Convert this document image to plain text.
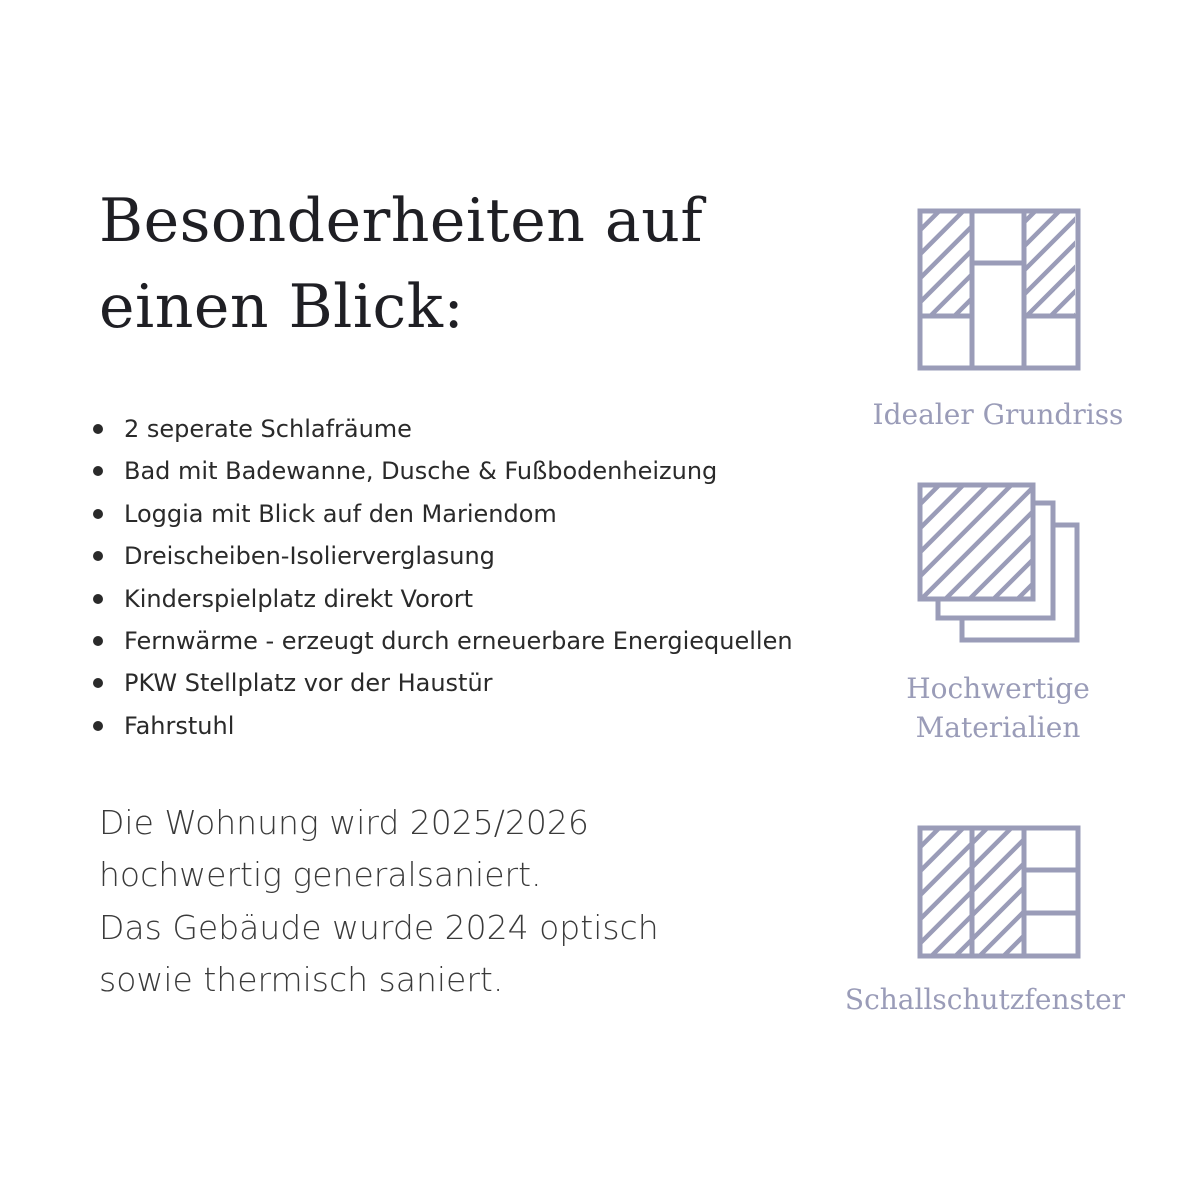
Besonderheiten auf
einen Blick:
2 seperate Schlafräume
Bad mit Badewanne, Dusche & Fußbodenheizung
Loggia mit Blick auf den Mariendom
Dreischeiben-Isolierverglasung
Kinderspielplatz direkt Vorort
Fernwärme - erzeugt durch erneuerbare Energiequellen
PKW Stellplatz vor der Haustür
Fahrstuhl
Die Wohnung wird 2025/2026
hochwertig generalsaniert.
Das Gebäude wurde 2024 optisch
sowie thermisch saniert.
Idealer Grundriss
Hochwertige
Materialien
Schallschutzfenster
